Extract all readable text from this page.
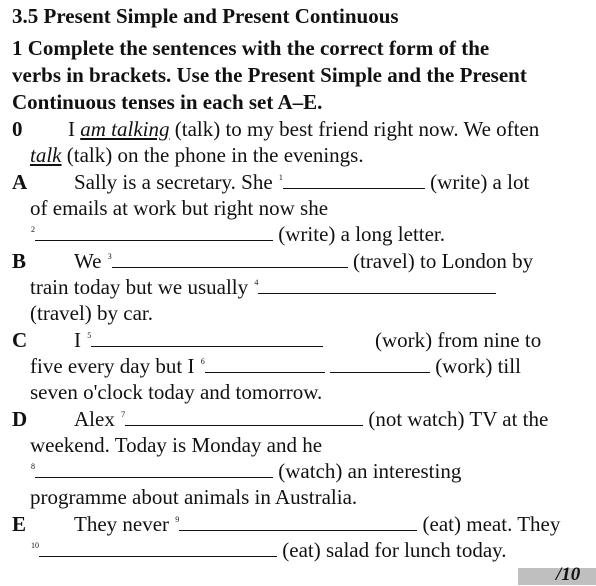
3.5 Present Simple and Present Continuous
1 Complete the sentences with the correct form of the
verbs in brackets. Use the Present Simple and the Present
Continuous tenses in each set A–E.
0 I am talking (talk) to my best friend right now. We often
talk (talk) on the phone in the evenings.
A Sally is a secretary. She $^1$	(write) a lot
of emails at work but right now she
$^2$	(write) a long letter.
B We $^3$	(travel) to London by
train today but we usually $^4$
(travel) by car.
C I $^5$	(work) from nine to
five every day but I $^6$	(work) till
seven o'clock today and tomorrow.
D Alex $^7$	(not watch) TV at the
weekend. Today is Monday and he
$^8$	(watch) an interesting
programme about animals in Australia.
E They never $^9$	(eat) meat. They
$^{10}$	(eat) salad for lunch today.
/10
